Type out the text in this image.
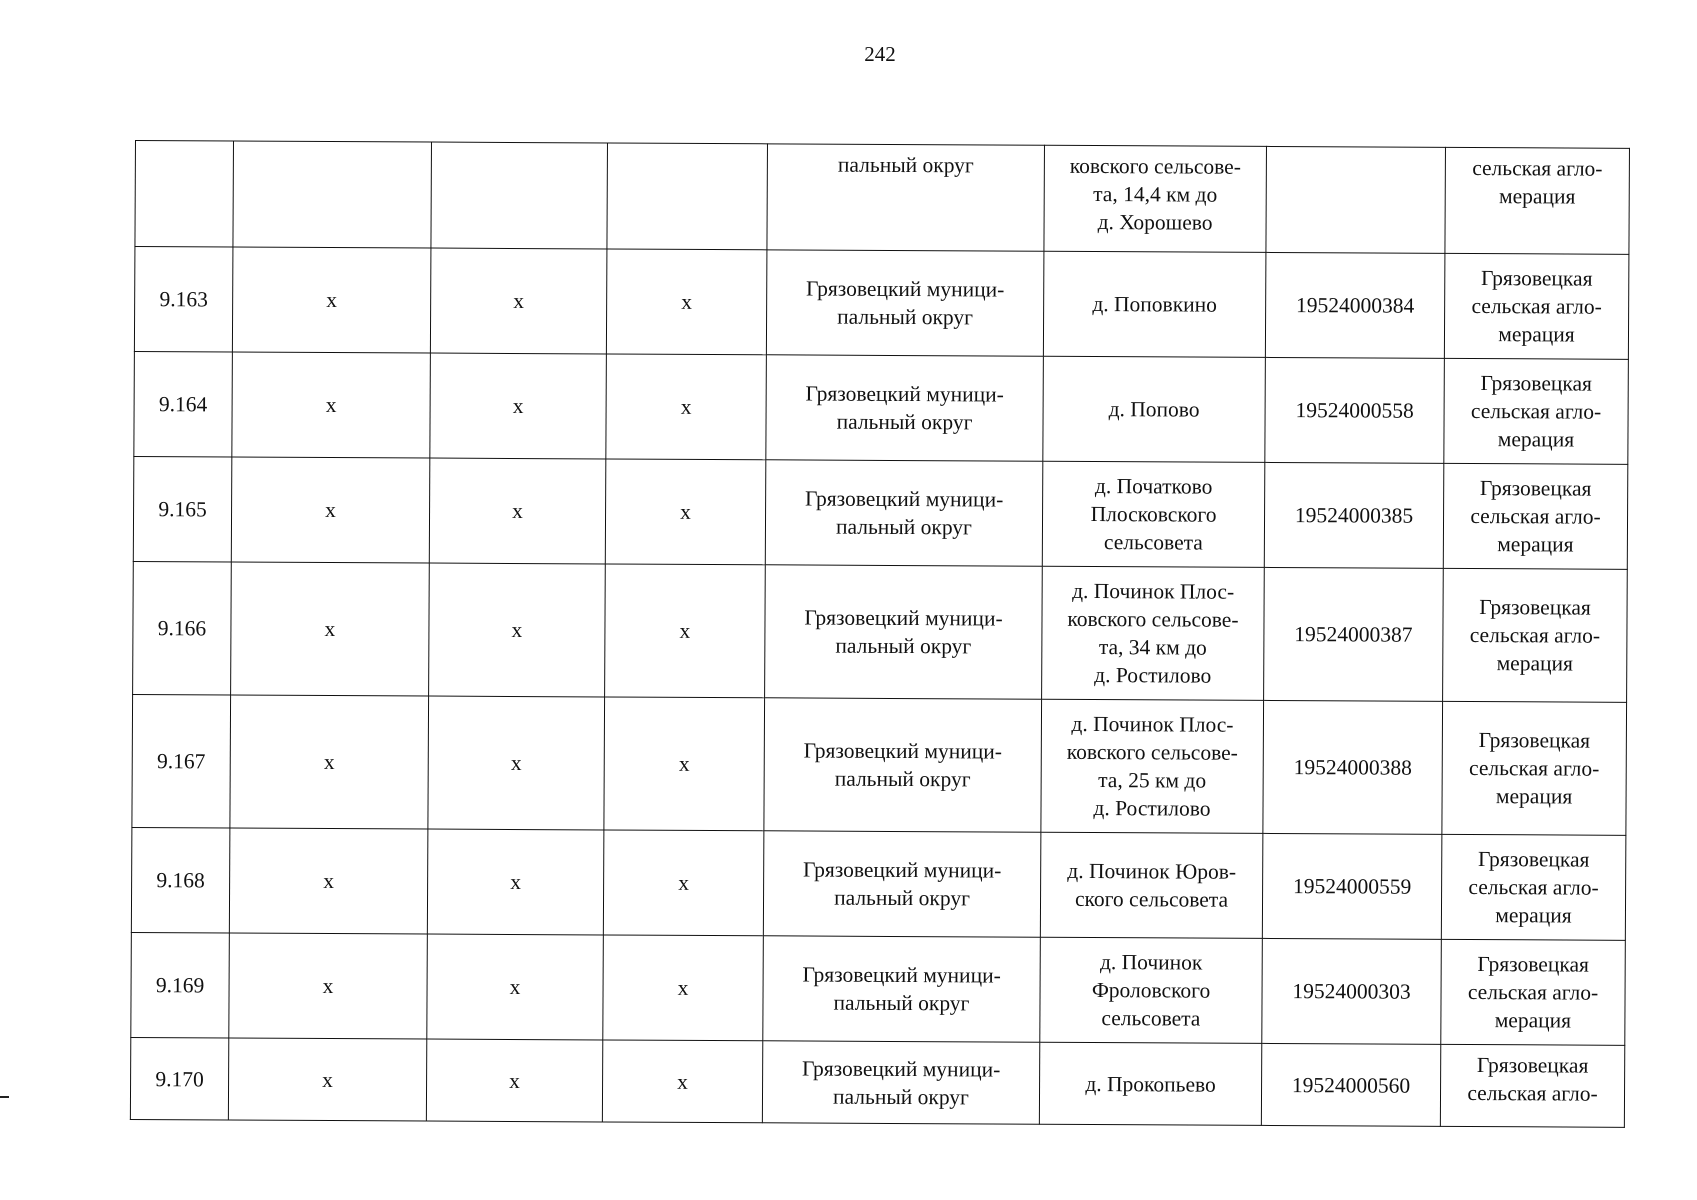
242

				пальный округ	ковского сельсове-
та, 14,4 км до
д. Хорошево		сельская агло-
мерация

9.163	x	x	x	Грязовецкий муници-
пальный округ	д. Поповкино	19524000384	Грязовецкая
сельская агло-
мерация

9.164	x	x	x	Грязовецкий муници-
пальный округ	д. Попово	19524000558	Грязовецкая
сельская агло-
мерация

9.165	x	x	x	Грязовецкий муници-
пальный округ	д. Початково
Плосковского
сельсовета	19524000385	Грязовецкая
сельская агло-
мерация

9.166	x	x	x	Грязовецкий муници-
пальный округ	д. Починок Плос-
ковского сельсове-
та, 34 км до
д. Ростилово	19524000387	Грязовецкая
сельская агло-
мерация

9.167	x	x	x	Грязовецкий муници-
пальный округ	д. Починок Плос-
ковского сельсове-
та, 25 км до
д. Ростилово	19524000388	Грязовецкая
сельская агло-
мерация

9.168	x	x	x	Грязовецкий муници-
пальный округ	д. Починок Юров-
ского сельсовета	19524000559	Грязовецкая
сельская агло-
мерация

9.169	x	x	x	Грязовецкий муници-
пальный округ	д. Починок
Фроловского
сельсовета	19524000303	Грязовецкая
сельская агло-
мерация

9.170	x	x	x	Грязовецкий муници-
пальный округ	д. Прокопьево	19524000560	Грязовецкая
сельская агло-
